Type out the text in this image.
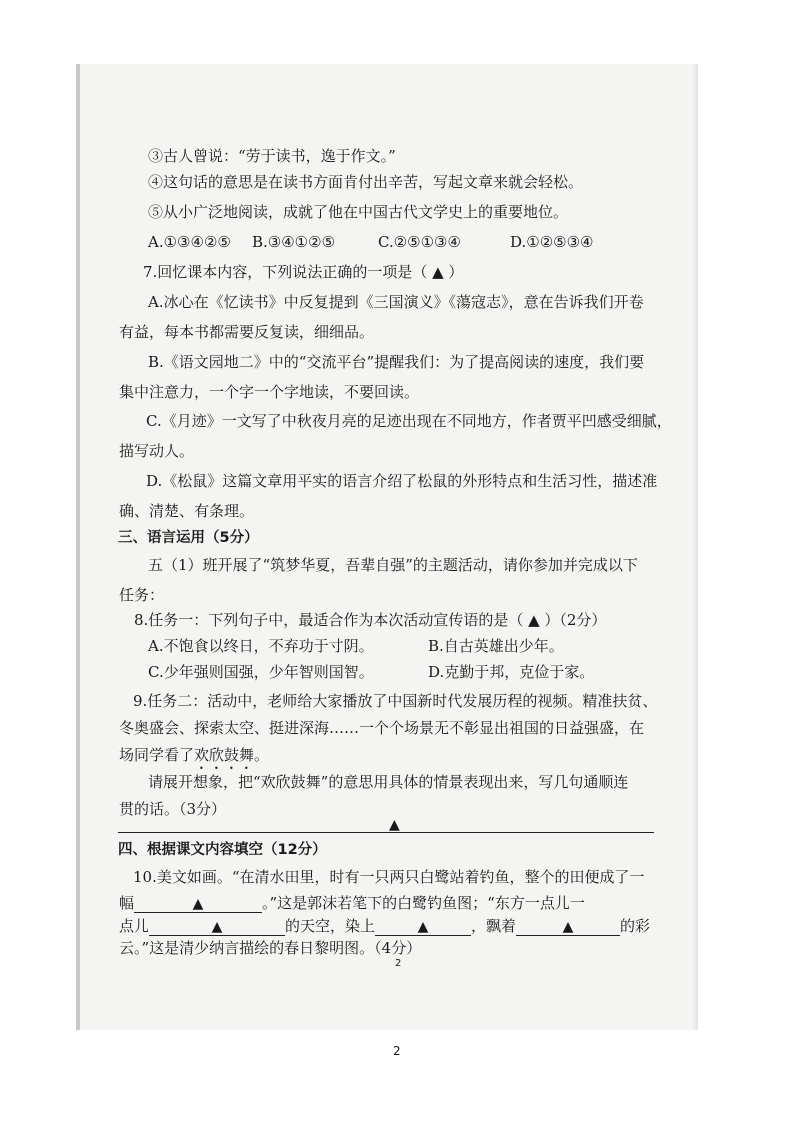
③古人曾说：“劳于读书，逸于作文。”
④这句话的意思是在读书方面肯付出辛苦，写起文章来就会轻松。
⑤从小广泛地阅读，成就了他在中国古代文学史上的重要地位。
A.①③④②⑤	B.③④①②⑤	C.②⑤①③④	D.①②⑤③④
7.回忆课本内容，下列说法正确的一项是（ ▲ ）
A.冰心在《忆读书》中反复提到《三国演义》《蕩寇志》，意在告诉我们开卷
有益，每本书都需要反复读，细细品。
B.《语文园地二》中的“交流平台”提醒我们：为了提高阅读的速度，我们要
集中注意力，一个字一个字地读，不要回读。
C.《月迹》一文写了中秋夜月亮的足迹出现在不同地方，作者贾平凹感受细腻，
描写动人。
D.《松鼠》这篇文章用平实的语言介绍了松鼠的外形特点和生活习性，描述准
确、清楚、有条理。
三、语言运用（5分）
五（1）班开展了“筑梦华夏，吾辈自强”的主题活动，请你参加并完成以下
任务：
8.任务一：下列句子中，最适合作为本次活动宣传语的是（ ▲ ）（2分）
A.不饱食以终日，不弃功于寸阴。	B.自古英雄出少年。
C.少年强则国强，少年智则国智。	D.克勤于邦，克俭于家。
9.任务二：活动中，老师给大家播放了中国新时代发展历程的视频。精准扶贫、
冬奥盛会、探索太空、挺进深海……一个个场景无不彰显出祖国的日益强盛，在
场同学看了欢欣鼓舞。
请展开想象，把“欢欣鼓舞”的意思用具体的情景表现出来，写几句通顺连
贯的话。（3分）
▲
四、根据课文内容填空（12分）
10.美文如画。“在清水田里，时有一只两只白鹭站着钓鱼，整个的田便成了一
幅	▲	。”这是郭沫若笔下的白鹭钓鱼图；“东方一点儿一
点儿	▲	的天空，染上	▲	，飘着	▲	的彩
云。”这是清少纳言描绘的春日黎明图。（4分）
2
2
